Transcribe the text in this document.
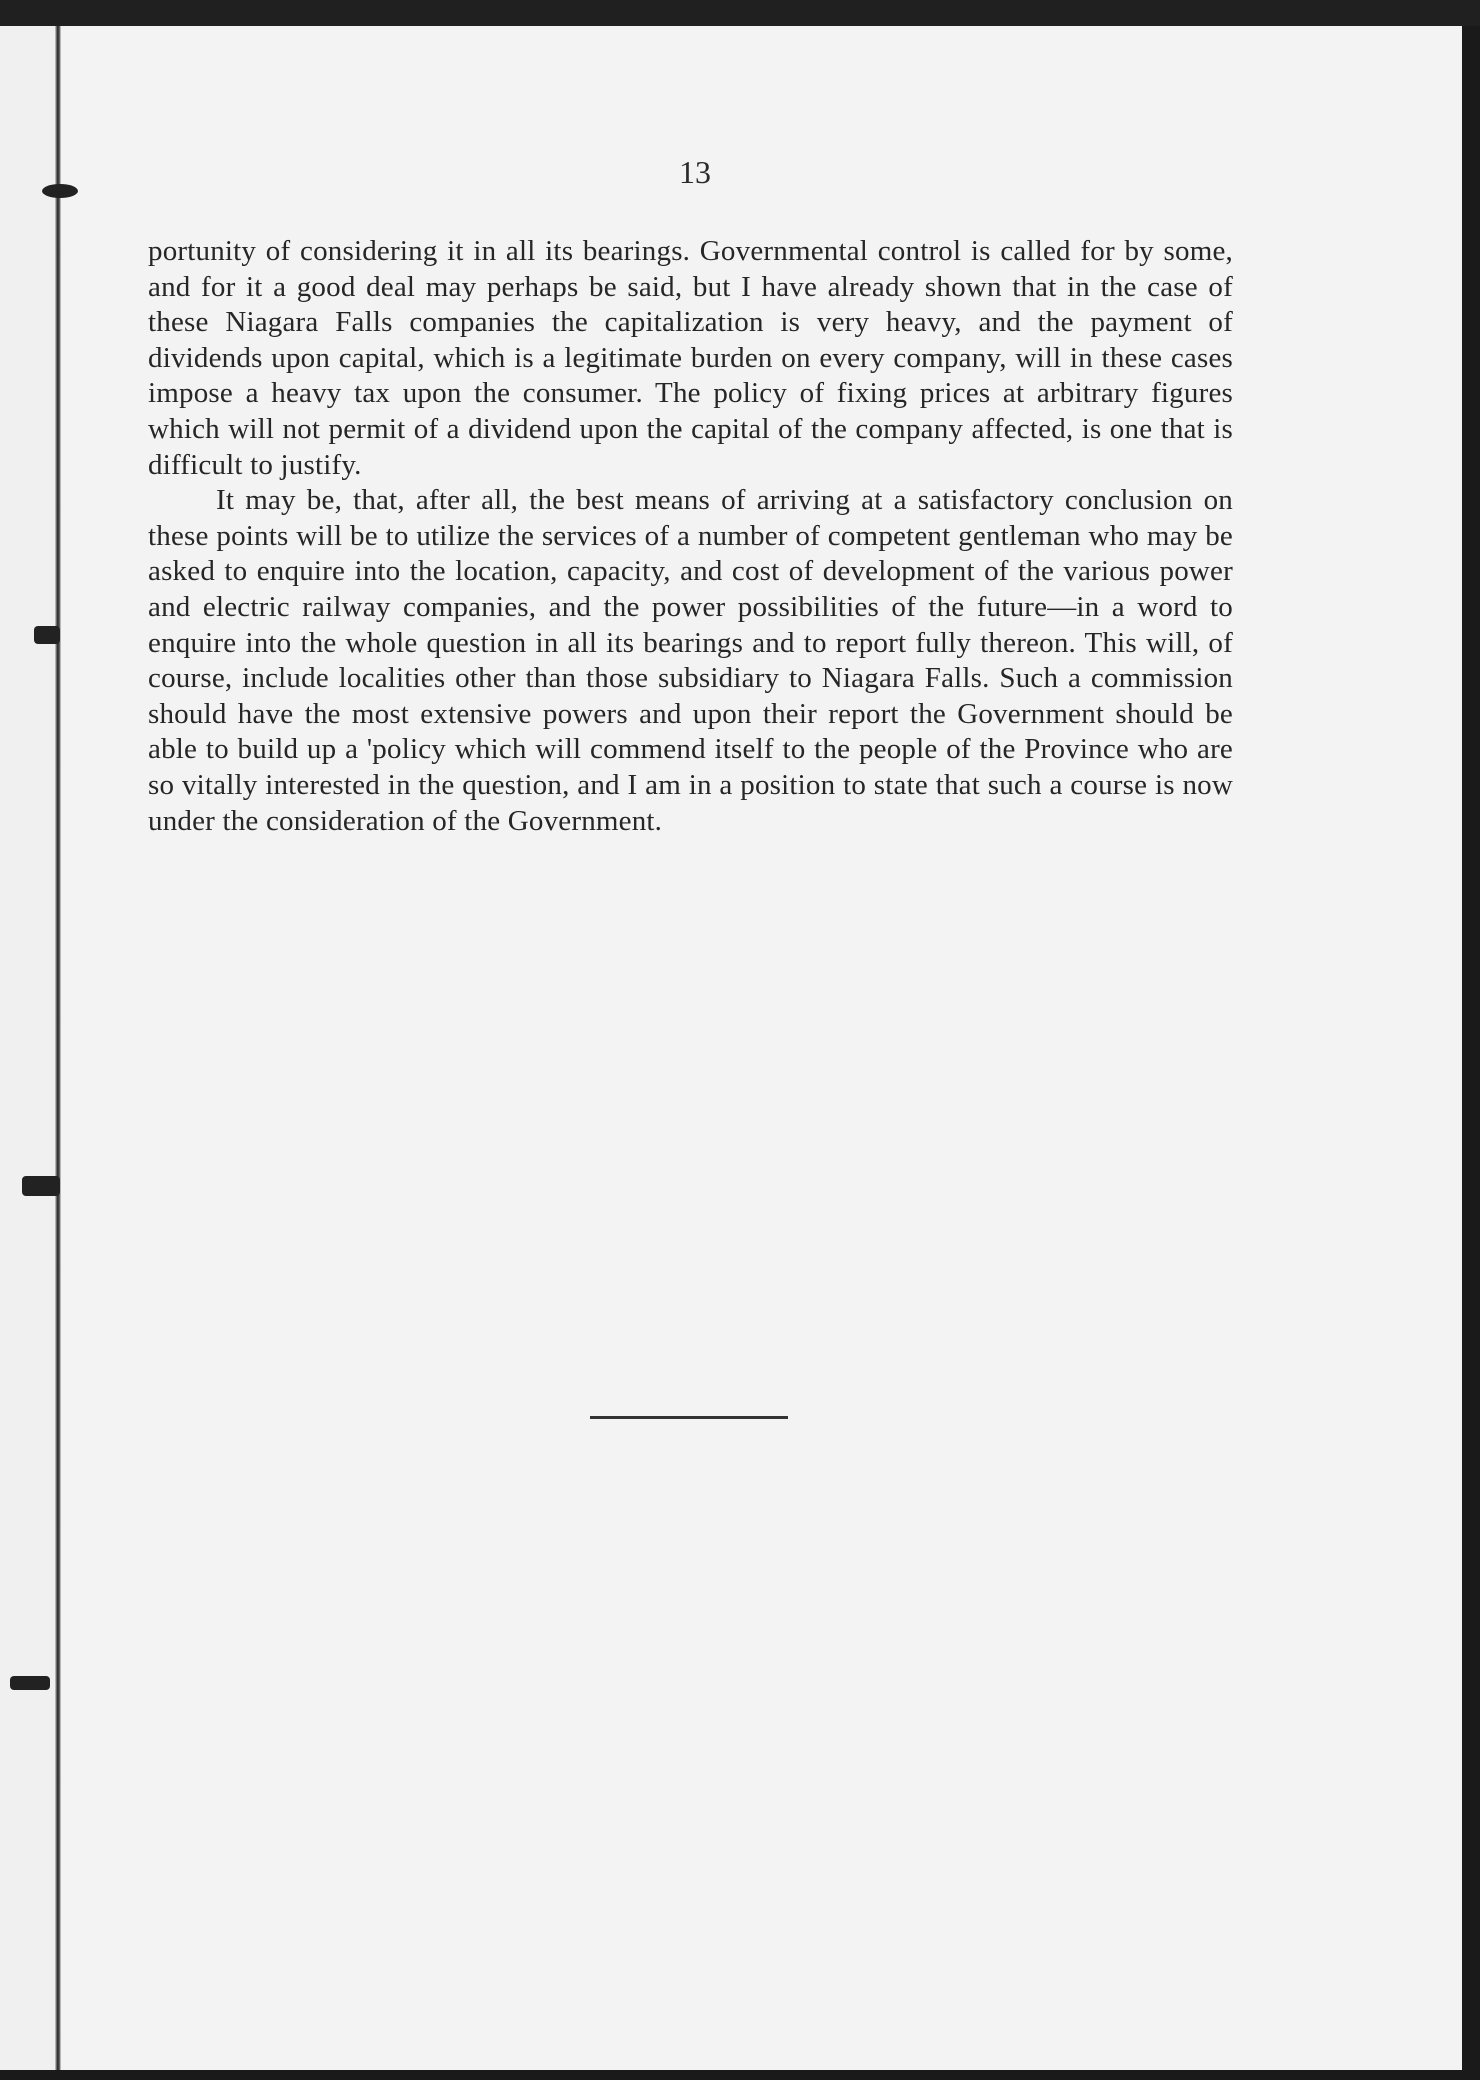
13

portunity of considering it in all its bearings. Governmental control is called for by some, and for it a good deal may perhaps be said, but I have already shown that in the case of these Niagara Falls companies the capitalization is very heavy, and the payment of dividends upon capital, which is a legitimate burden on every company, will in these cases impose a heavy tax upon the consumer. The policy of fixing prices at arbitrary figures which will not permit of a dividend upon the capital of the company affected, is one that is difficult to justify.

It may be, that, after all, the best means of arriving at a satisfactory conclusion on these points will be to utilize the services of a number of competent gentleman who may be asked to enquire into the location, capacity, and cost of development of the various power and electric railway companies, and the power possibilities of the future—in a word to enquire into the whole question in all its bearings and to report fully thereon. This will, of course, include localities other than those subsidiary to Niagara Falls. Such a commission should have the most extensive powers and upon their report the Government should be able to build up a 'policy which will commend itself to the people of the Province who are so vitally interested in the question, and I am in a position to state that such a course is now under the consideration of the Government.
